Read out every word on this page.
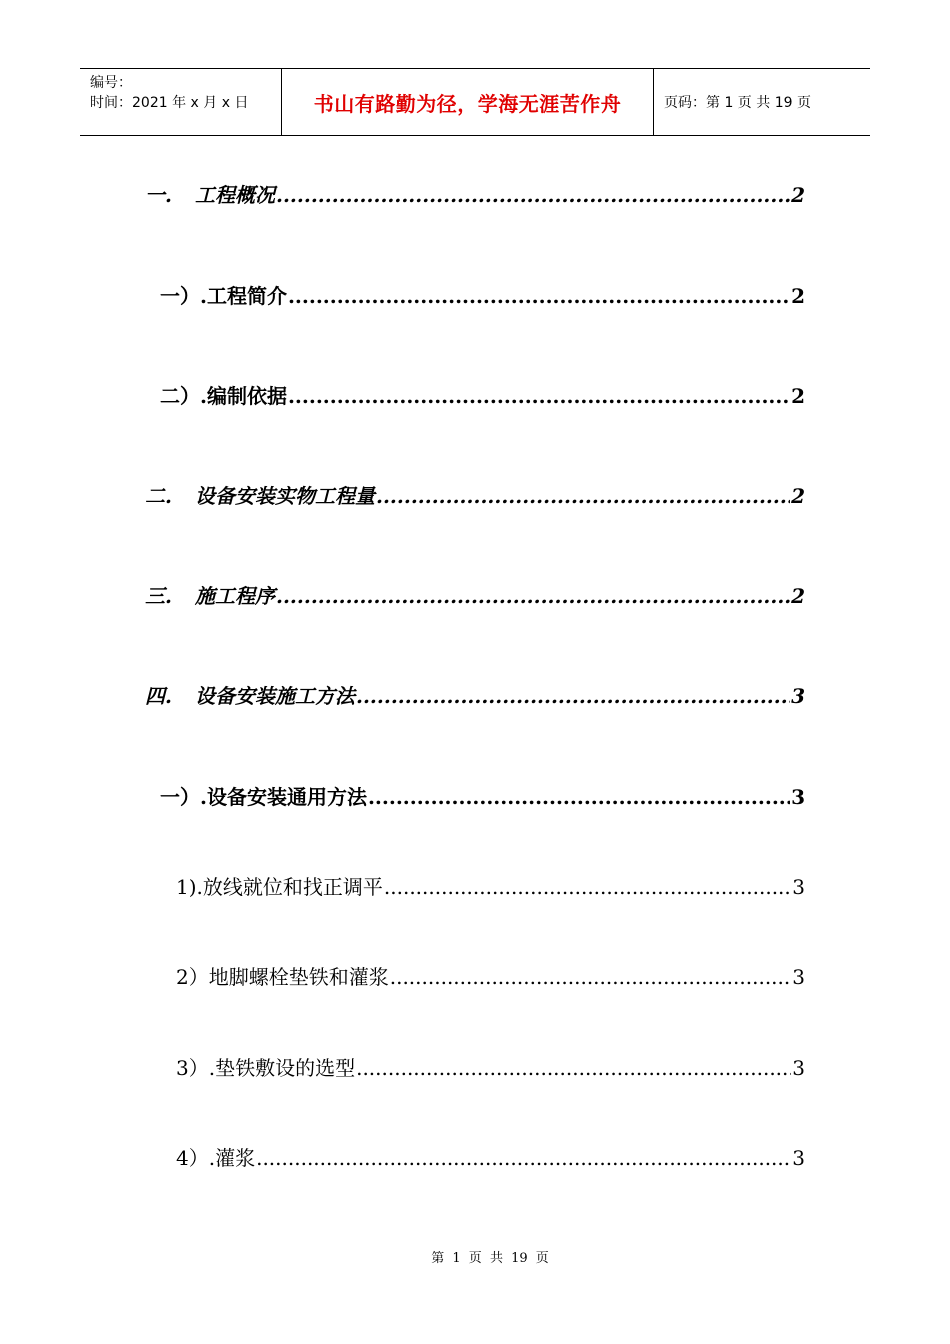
编号：
时间：2021 年 x 月 x 日	书山有路勤为径，学海无涯苦作舟	页码：第 1 页 共 19 页
一. 工程概况 .....	2
一）.工程简介 .....	2
二）.编制依据 .....	2
二. 设备安装实物工程量 .....	2
三. 施工程序 .....	2
四. 设备安装施工方法 .....	3
一）.设备安装通用方法 .....	3
1).放线就位和找正调平 .....	3
2）地脚螺栓垫铁和灌浆 .....	3
3）.垫铁敷设的选型 .....	3
4）.灌浆 .....	3
第 1 页 共 19 页
